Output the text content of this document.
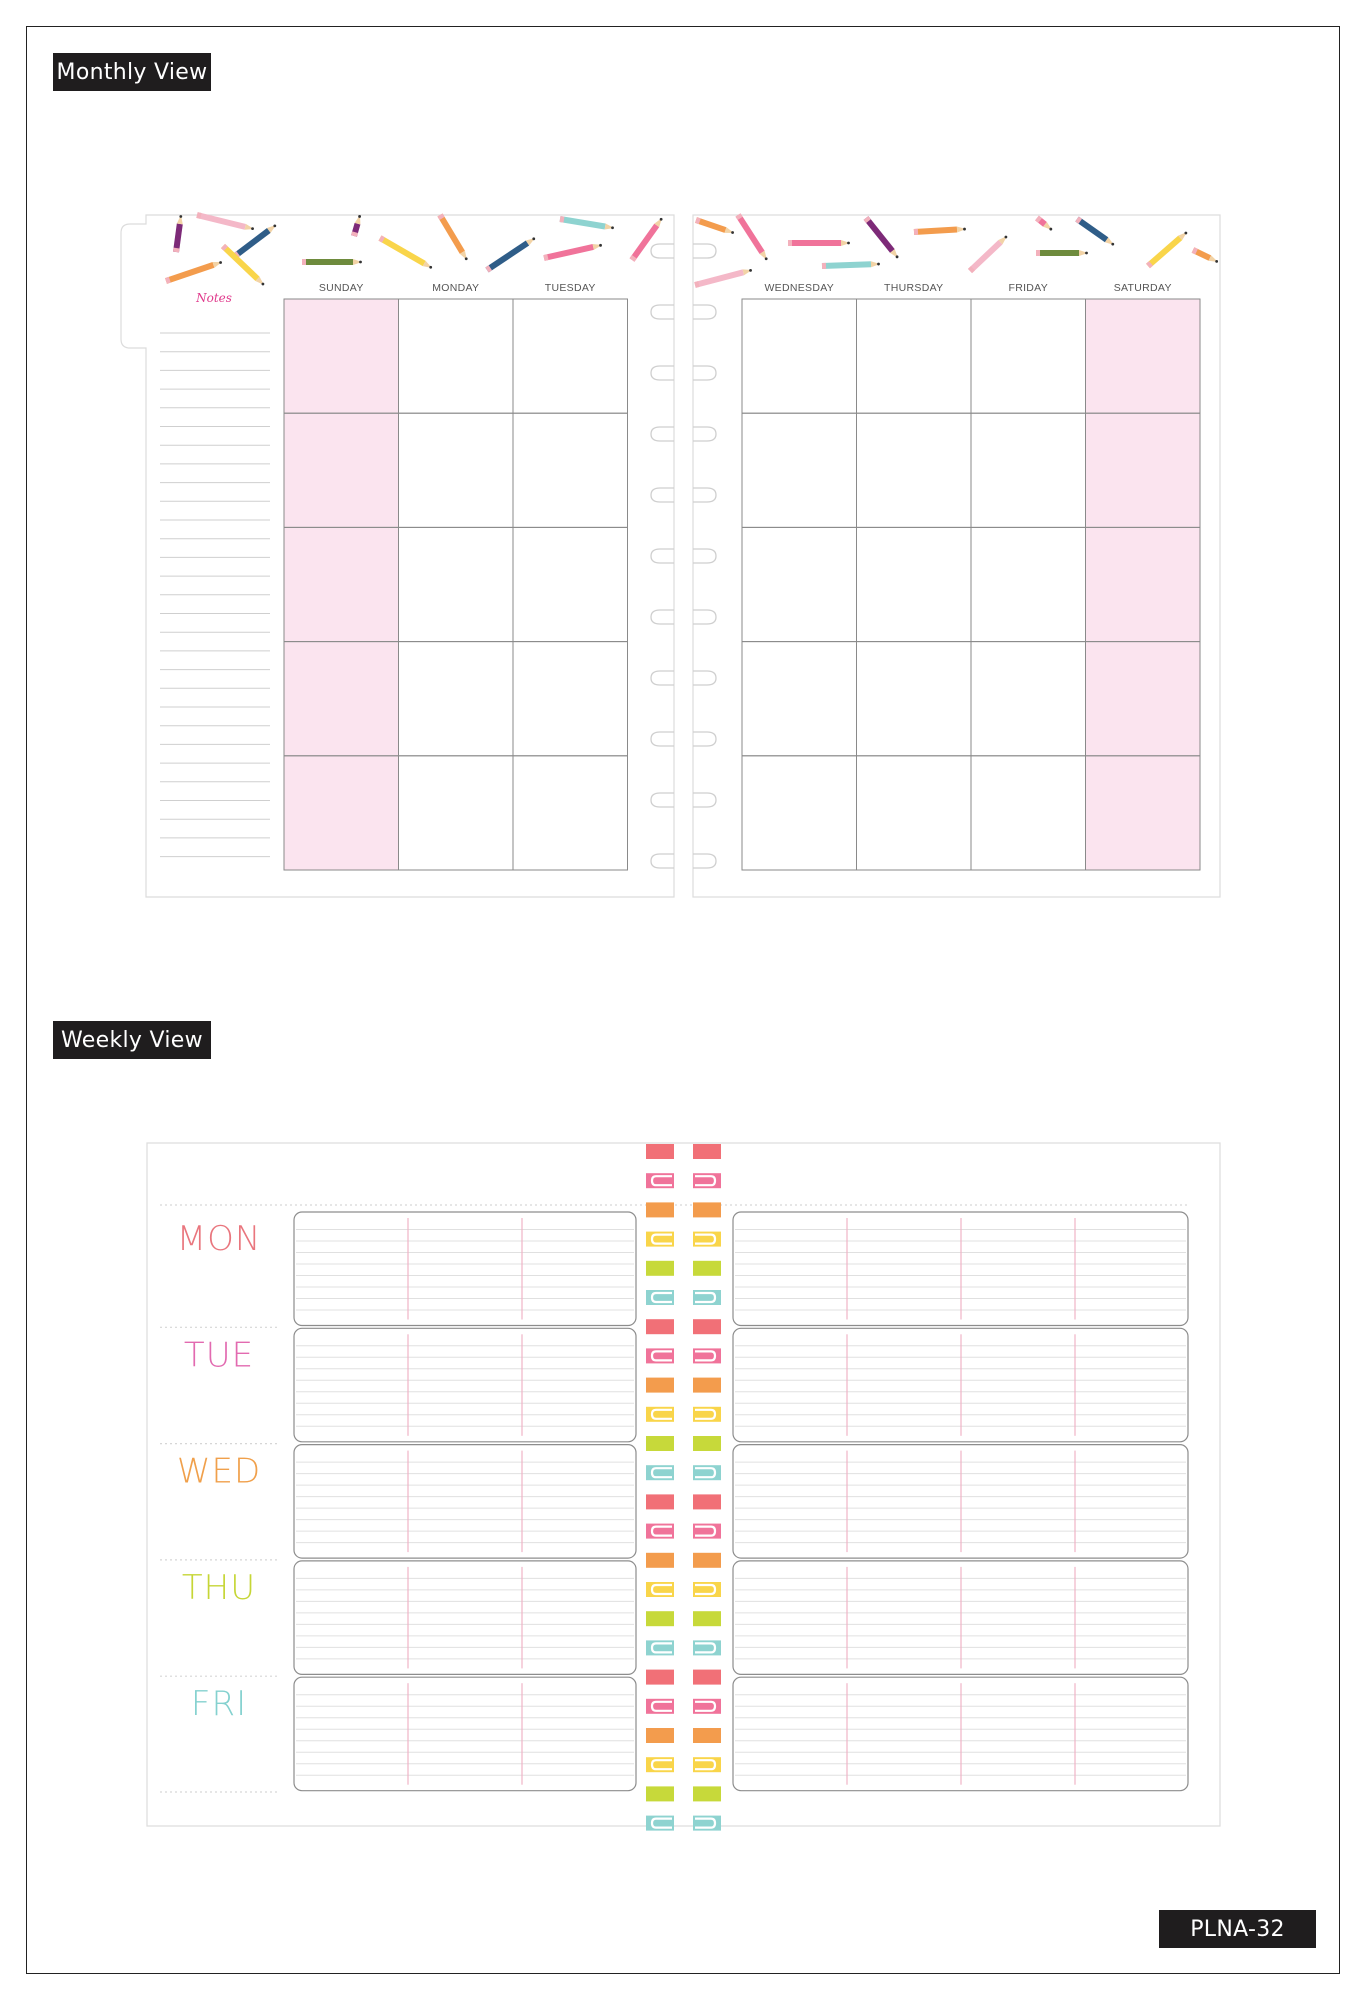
Monthly View
Weekly View
PLNA-32
Notes
SUNDAY	MONDAY	TUESDAY	WEDNESDAY	THURSDAY	FRIDAY	SATURDAY
MON
TUE
WED
THU
FRI
